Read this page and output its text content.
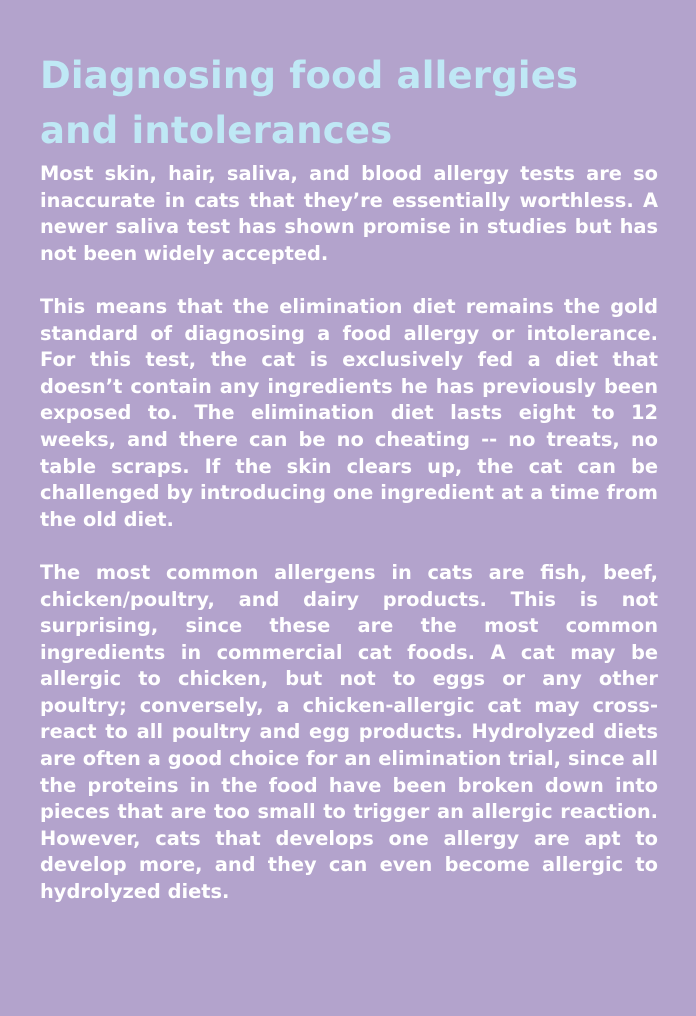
Diagnosing food allergies and intolerances

Most skin, hair, saliva, and blood allergy tests are so inaccurate in cats that they’re essentially worthless. A newer saliva test has shown promise in studies but has not been widely accepted.

This means that the elimination diet remains the gold standard of diagnosing a food allergy or intolerance. For this test, the cat is exclusively fed a diet that doesn’t contain any ingredients he has previously been exposed to. The elimination diet lasts eight to 12 weeks, and there can be no cheating -- no treats, no table scraps. If the skin clears up, the cat can be challenged by introducing one ingredient at a time from the old diet.

The most common allergens in cats are fish, beef, chicken/poultry, and dairy products. This is not surprising, since these are the most common ingredients in commercial cat foods. A cat may be allergic to chicken, but not to eggs or any other poultry; conversely, a chicken-allergic cat may cross-react to all poultry and egg products. Hydrolyzed diets are often a good choice for an elimination trial, since all the proteins in the food have been broken down into pieces that are too small to trigger an allergic reaction. However, cats that develops one allergy are apt to develop more, and they can even become allergic to hydrolyzed diets.
